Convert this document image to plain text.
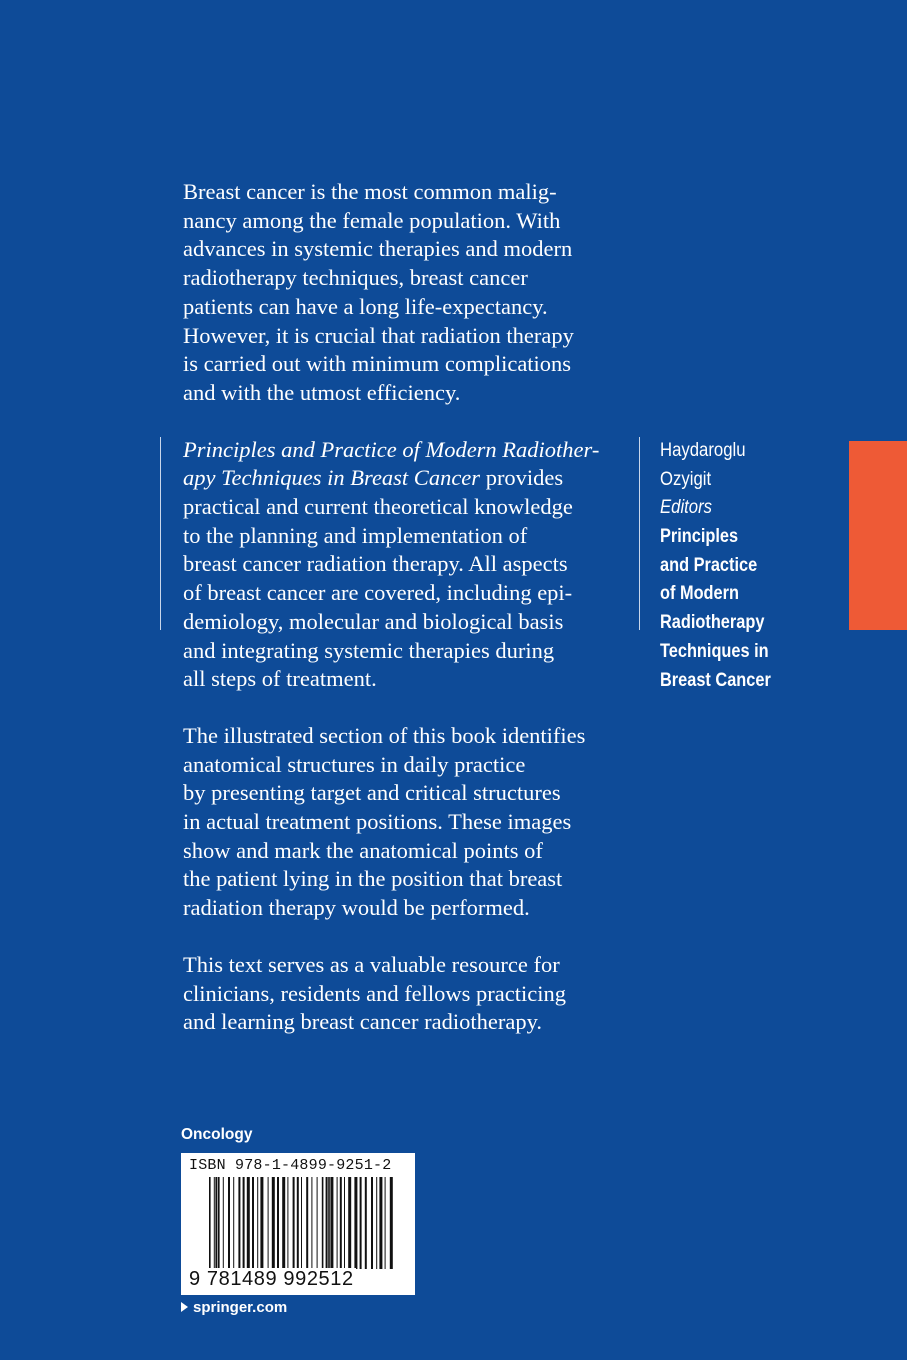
Breast cancer is the most common malig-
nancy among the female population. With
advances in systemic therapies and modern
radiotherapy techniques, breast cancer
patients can have a long life-expectancy.
However, it is crucial that radiation therapy
is carried out with minimum complications
and with the utmost efficiency.

Principles and Practice of Modern Radiother-
apy Techniques in Breast Cancer provides
practical and current theoretical knowledge
to the planning and implementation of
breast cancer radiation therapy. All aspects
of breast cancer are covered, including epi-
demiology, molecular and biological basis
and integrating systemic therapies during
all steps of treatment.

The illustrated section of this book identifies
anatomical structures in daily practice
by presenting target and critical structures
in actual treatment positions. These images
show and mark the anatomical points of
the patient lying in the position that breast
radiation therapy would be performed.

This text serves as a valuable resource for
clinicians, residents and fellows practicing
and learning breast cancer radiotherapy.

Haydaroglu
Ozyigit
Editors
Principles
and Practice
of Modern
Radiotherapy
Techniques in
Breast Cancer
Oncology
ISBN 978-1-4899-9251-2
9 781489 992512
springer.com
